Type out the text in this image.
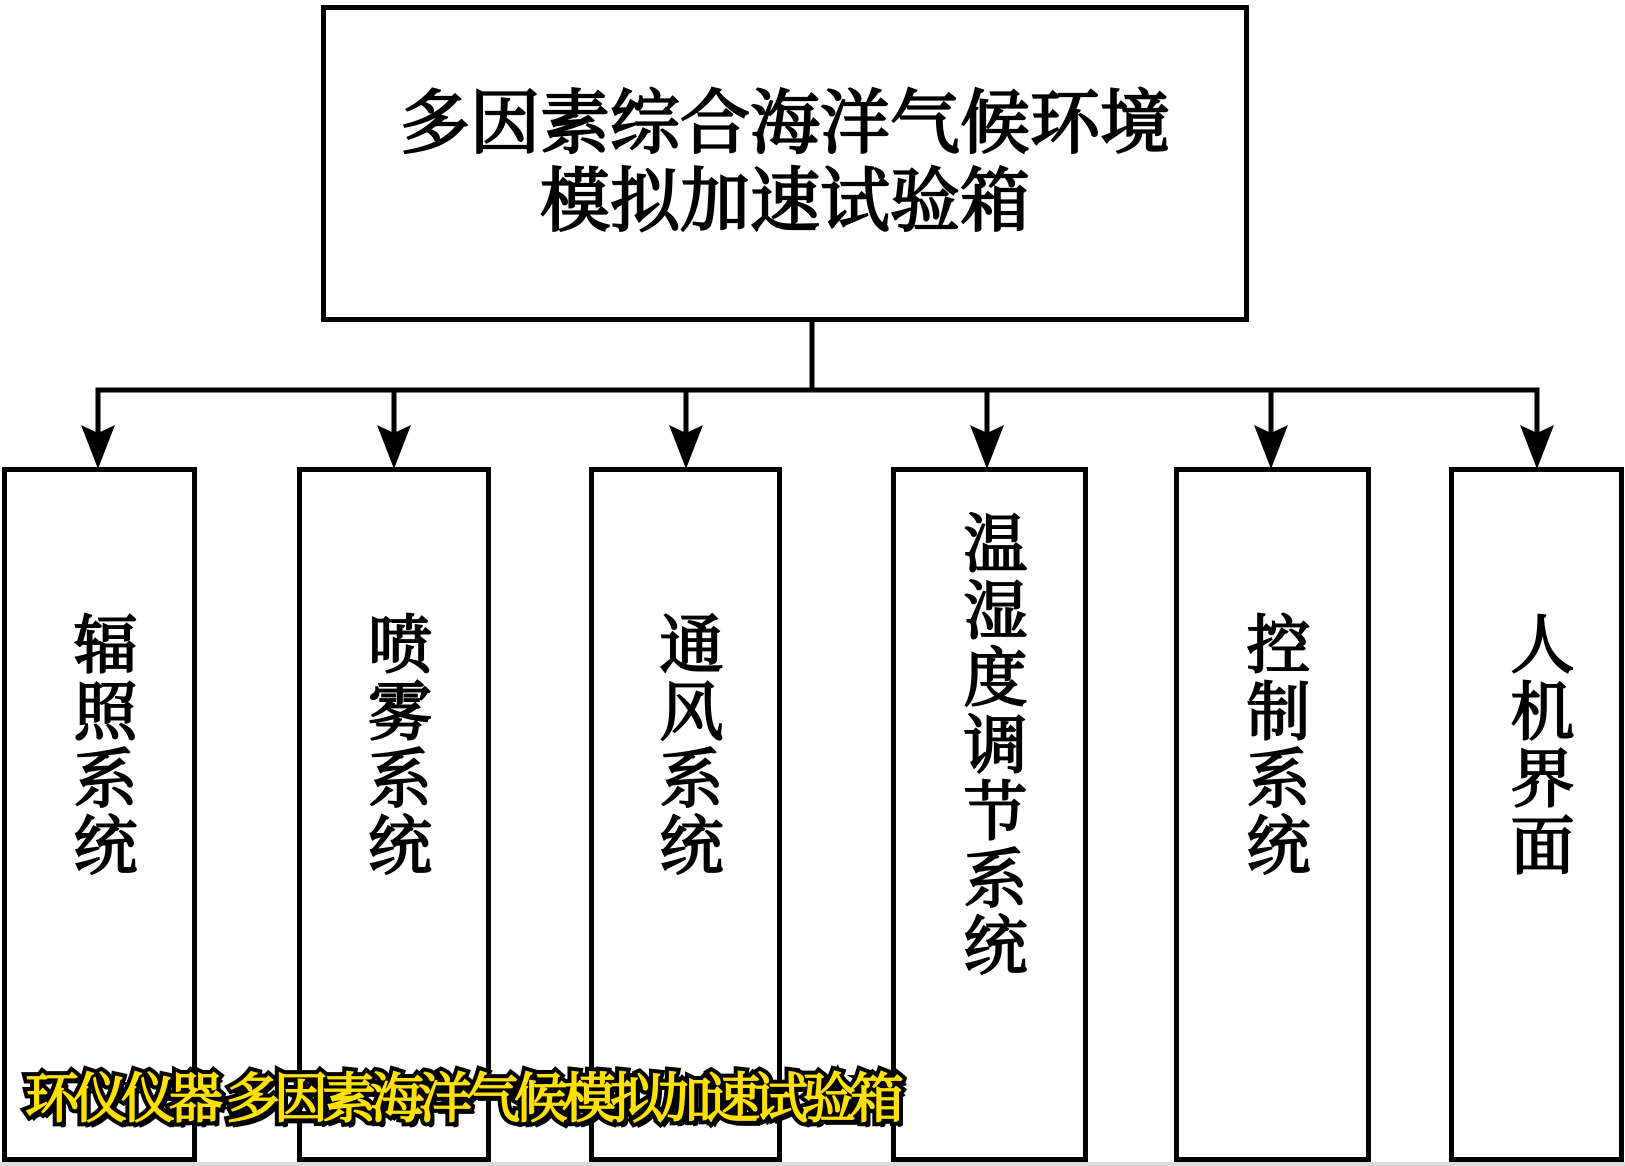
多因素综合海洋气候环境
模拟加速试验箱
辐照系统	喷雾系统	通风系统	温湿度调节系统	控制系统	人机界面
环仪仪器 多因素海洋气候模拟加速试验箱
